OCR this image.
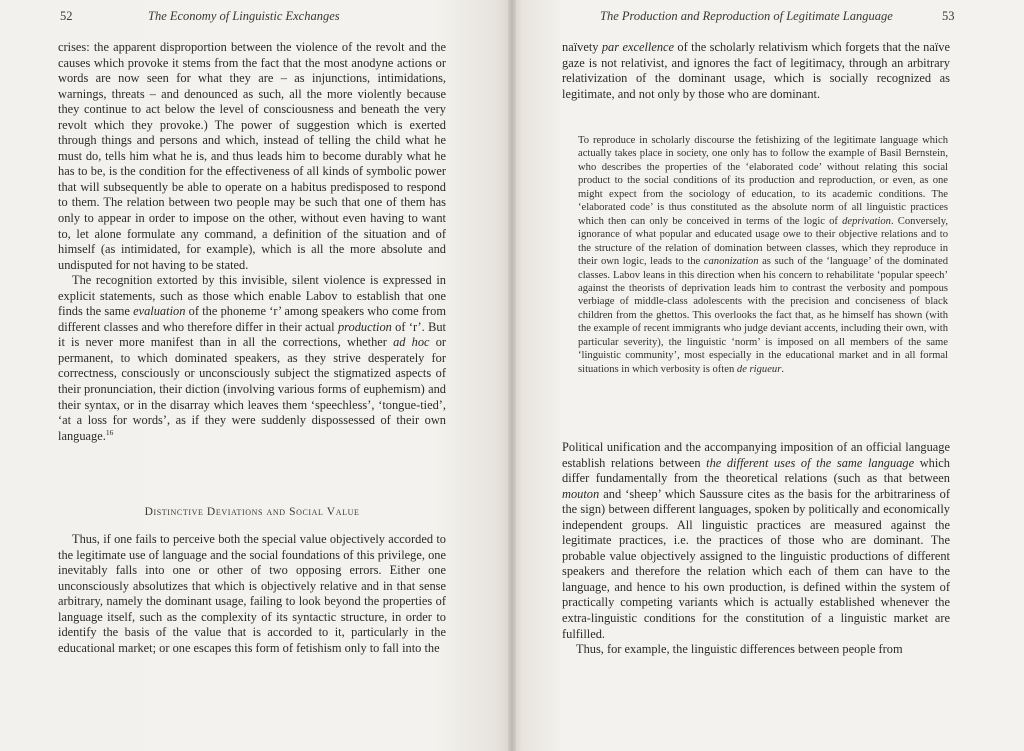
52	The Economy of Linguistic Exchanges

crises: the apparent disproportion between the violence of the revolt and the causes which provoke it stems from the fact that the most anodyne actions or words are now seen for what they are – as injunctions, intimidations, warnings, threats – and denounced as such, all the more violently because they continue to act below the level of consciousness and beneath the very revolt which they provoke.) The power of suggestion which is exerted through things and persons and which, instead of telling the child what he must do, tells him what he is, and thus leads him to become durably what he has to be, is the condition for the effectiveness of all kinds of symbolic power that will subsequently be able to operate on a habitus predisposed to respond to them. The relation between two people may be such that one of them has only to appear in order to impose on the other, without even having to want to, let alone formulate any command, a definition of the situation and of himself (as intimidated, for example), which is all the more absolute and undisputed for not having to be stated.

The recognition extorted by this invisible, silent violence is expressed in explicit statements, such as those which enable Labov to establish that one finds the same evaluation of the phoneme ‘r’ among speakers who come from different classes and who therefore differ in their actual production of ‘r’. But it is never more manifest than in all the corrections, whether ad hoc or permanent, to which dominated speakers, as they strive desperately for correctness, consciously or unconsciously subject the stigmatized aspects of their pronunciation, their diction (involving various forms of euphemism) and their syntax, or in the disarray which leaves them ‘speechless’, ‘tongue-tied’, ‘at a loss for words’, as if they were suddenly dispossessed of their own language.$^{16}$

Distinctive Deviations and Social Value

Thus, if one fails to perceive both the special value objectively accorded to the legitimate use of language and the social foundations of this privilege, one inevitably falls into one or other of two opposing errors. Either one unconsciously absolutizes that which is objectively relative and in that sense arbitrary, namely the dominant usage, failing to look beyond the properties of language itself, such as the complexity of its syntactic structure, in order to identify the basis of the value that is accorded to it, particularly in the educational market; or one escapes this form of fetishism only to fall into the

The Production and Reproduction of Legitimate Language	53

naïvety par excellence of the scholarly relativism which forgets that the naïve gaze is not relativist, and ignores the fact of legitimacy, through an arbitrary relativization of the dominant usage, which is socially recognized as legitimate, and not only by those who are dominant.

To reproduce in scholarly discourse the fetishizing of the legitimate language which actually takes place in society, one only has to follow the example of Basil Bernstein, who describes the properties of the ‘elaborated code’ without relating this social product to the social conditions of its production and reproduction, or even, as one might expect from the sociology of education, to its academic conditions. The ‘elaborated code’ is thus constituted as the absolute norm of all linguistic practices which then can only be conceived in terms of the logic of deprivation. Conversely, ignorance of what popular and educated usage owe to their objective relations and to the structure of the relation of domination between classes, which they reproduce in their own logic, leads to the canonization as such of the ‘language’ of the dominated classes. Labov leans in this direction when his concern to rehabilitate ‘popular speech’ against the theorists of deprivation leads him to contrast the verbosity and pompous verbiage of middle-class adolescents with the precision and conciseness of black children from the ghettos. This overlooks the fact that, as he himself has shown (with the example of recent immigrants who judge deviant accents, including their own, with particular severity), the linguistic ‘norm’ is imposed on all members of the same ‘linguistic community’, most especially in the educational market and in all formal situations in which verbosity is often de rigueur.

Political unification and the accompanying imposition of an official language establish relations between the different uses of the same language which differ fundamentally from the theoretical relations (such as that between mouton and ‘sheep’ which Saussure cites as the basis for the arbitrariness of the sign) between different languages, spoken by politically and economically independent groups. All linguistic practices are measured against the legitimate practices, i.e. the practices of those who are dominant. The probable value objectively assigned to the linguistic productions of different speakers and therefore the relation which each of them can have to the language, and hence to his own production, is defined within the system of practically competing variants which is actually established whenever the extra-linguistic conditions for the constitution of a linguistic market are fulfilled.

Thus, for example, the linguistic differences between people from
